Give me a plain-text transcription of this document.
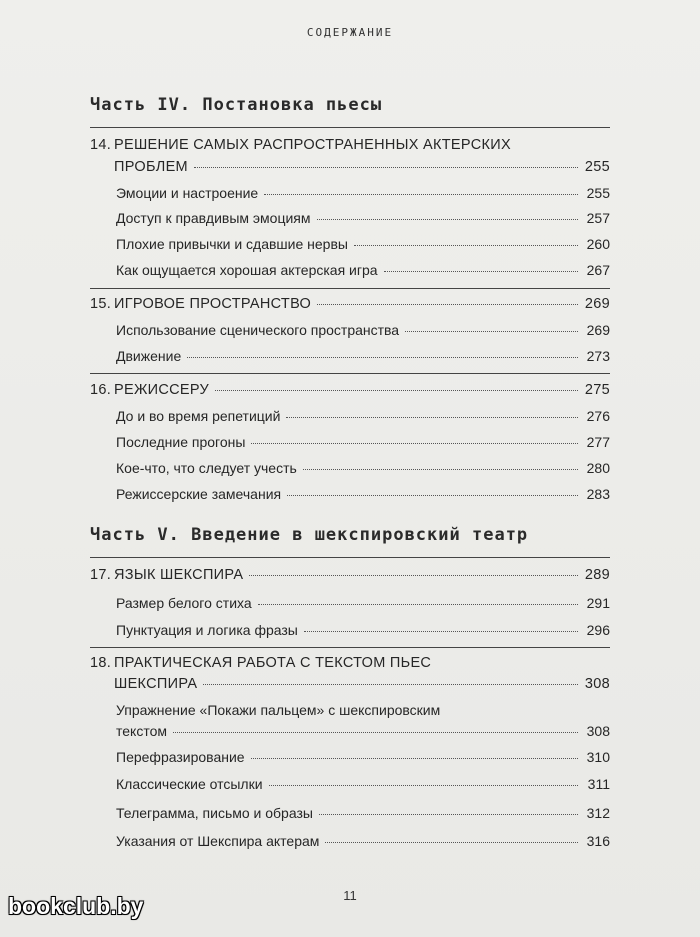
СОДЕРЖАНИЕ
Часть IV. Постановка пьесы
14. РЕШЕНИЕ САМЫХ РАСПРОСТРАНЕННЫХ АКТЕРСКИХ
ПРОБЛЕМ	255
Эмоции и настроение	255
Доступ к правдивым эмоциям	257
Плохие привычки и сдавшие нервы	260
Как ощущается хорошая актерская игра	267
15. ИГРОВОЕ ПРОСТРАНСТВО	269
Использование сценического пространства	269
Движение	273
16. РЕЖИССЕРУ	275
До и во время репетиций	276
Последние прогоны	277
Кое-что, что следует учесть	280
Режиссерские замечания	283
Часть V. Введение в шекспировский театр
17. ЯЗЫК ШЕКСПИРА	289
Размер белого стиха	291
Пунктуация и логика фразы	296
18. ПРАКТИЧЕСКАЯ РАБОТА С ТЕКСТОМ ПЬЕС
ШЕКСПИРА	308
Упражнение «Покажи пальцем» с шекспировским
текстом	308
Перефразирование	310
Классические отсылки	311
Телеграмма, письмо и образы	312
Указания от Шекспира актерам	316
11
bookclub.by
